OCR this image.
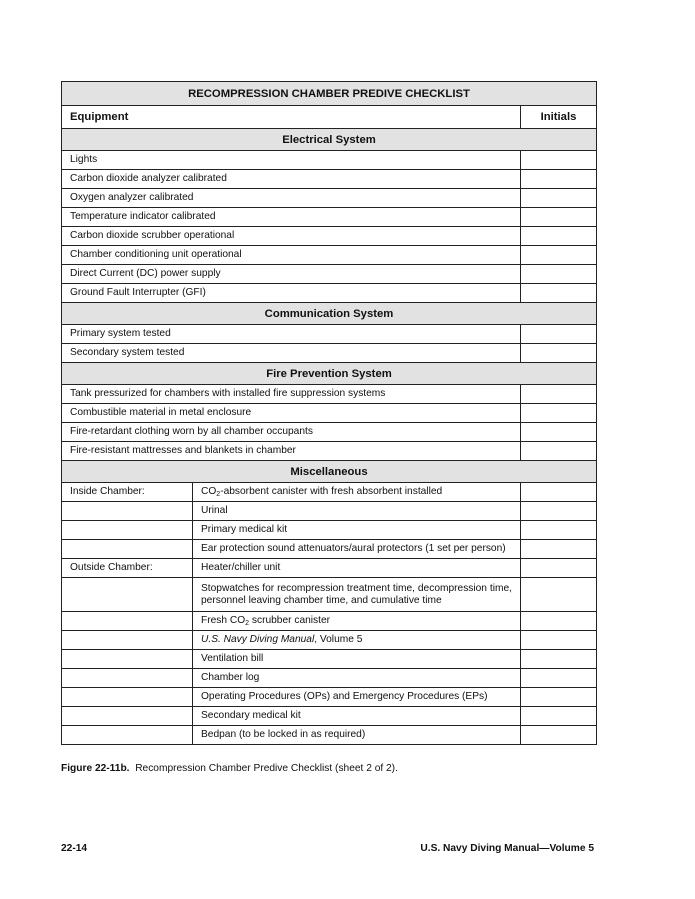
RECOMPRESSION CHAMBER PREDIVE CHECKLIST		
Equipment		Initials
Electrical System		
Lights		
Carbon dioxide analyzer calibrated		
Oxygen analyzer calibrated		
Temperature indicator calibrated		
Carbon dioxide scrubber operational		
Chamber conditioning unit operational		
Direct Current (DC) power supply		
Ground Fault Interrupter (GFI)		
Communication System		
Primary system tested		
Secondary system tested		
Fire Prevention System		
Tank pressurized for chambers with installed fire suppression systems		
Combustible material in metal enclosure		
Fire-retardant clothing worn by all chamber occupants		
Fire-resistant mattresses and blankets in chamber		
Miscellaneous		
Inside Chamber:	$CO_2$-absorbent canister with fresh absorbent installed	
	Urinal	
	Primary medical kit	
	Ear protection sound attenuators/aural protectors (1 set per person)	
Outside Chamber:	Heater/chiller unit	
	Stopwatches for recompression treatment time, decompression time, personnel leaving chamber time, and cumulative time	
	Fresh $CO_2$ scrubber canister	
	U.S. Navy Diving Manual, Volume 5	
	Ventilation bill	
	Chamber log	
	Operating Procedures (OPs) and Emergency Procedures (EPs)	
	Secondary medical kit	
	Bedpan (to be locked in as required)	
Figure 22-11b. Recompression Chamber Predive Checklist (sheet 2 of 2).
22-14	U.S. Navy Diving Manual—Volume 5
